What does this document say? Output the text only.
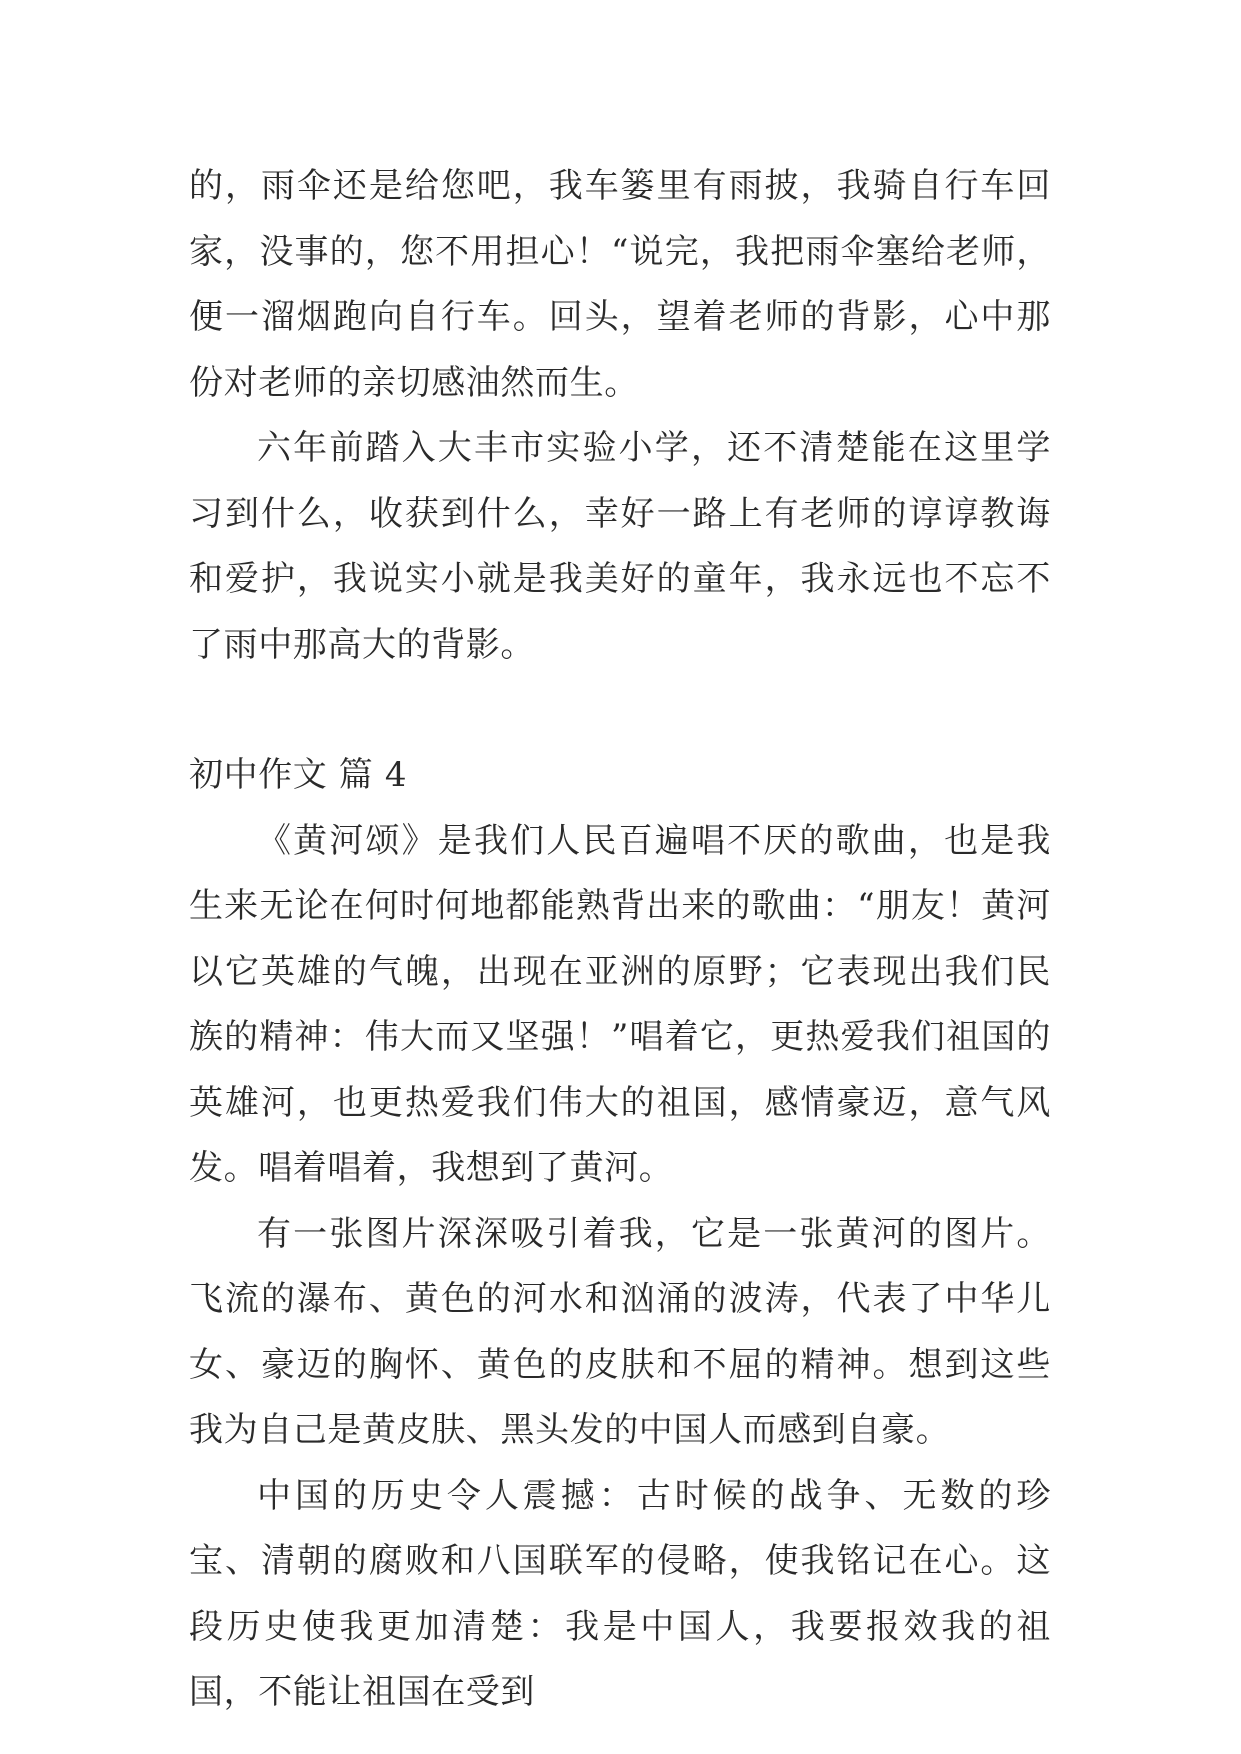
的，雨伞还是给您吧，我车篓里有雨披，我骑自行车回家，没事的，您不用担心！“说完，我把雨伞塞给老师，便一溜烟跑向自行车。回头，望着老师的背影，心中那份对老师的亲切感油然而生。

六年前踏入大丰市实验小学，还不清楚能在这里学习到什么，收获到什么，幸好一路上有老师的谆谆教诲和爱护，我说实小就是我美好的童年，我永远也不忘不了雨中那高大的背影。

初中作文 篇 4

《黄河颂》是我们人民百遍唱不厌的歌曲，也是我生来无论在何时何地都能熟背出来的歌曲：“朋友！黄河以它英雄的气魄，出现在亚洲的原野；它表现出我们民族的精神：伟大而又坚强！”唱着它，更热爱我们祖国的英雄河，也更热爱我们伟大的祖国，感情豪迈，意气风发。唱着唱着，我想到了黄河。

有一张图片深深吸引着我，它是一张黄河的图片。飞流的瀑布、黄色的河水和汹涌的波涛，代表了中华儿女、豪迈的胸怀、黄色的皮肤和不屈的精神。想到这些我为自己是黄皮肤、黑头发的中国人而感到自豪。

中国的历史令人震撼：古时候的战争、无数的珍宝、清朝的腐败和八国联军的侵略，使我铭记在心。这段历史使我更加清楚：我是中国人，我要报效我的祖国，不能让祖国在受到
